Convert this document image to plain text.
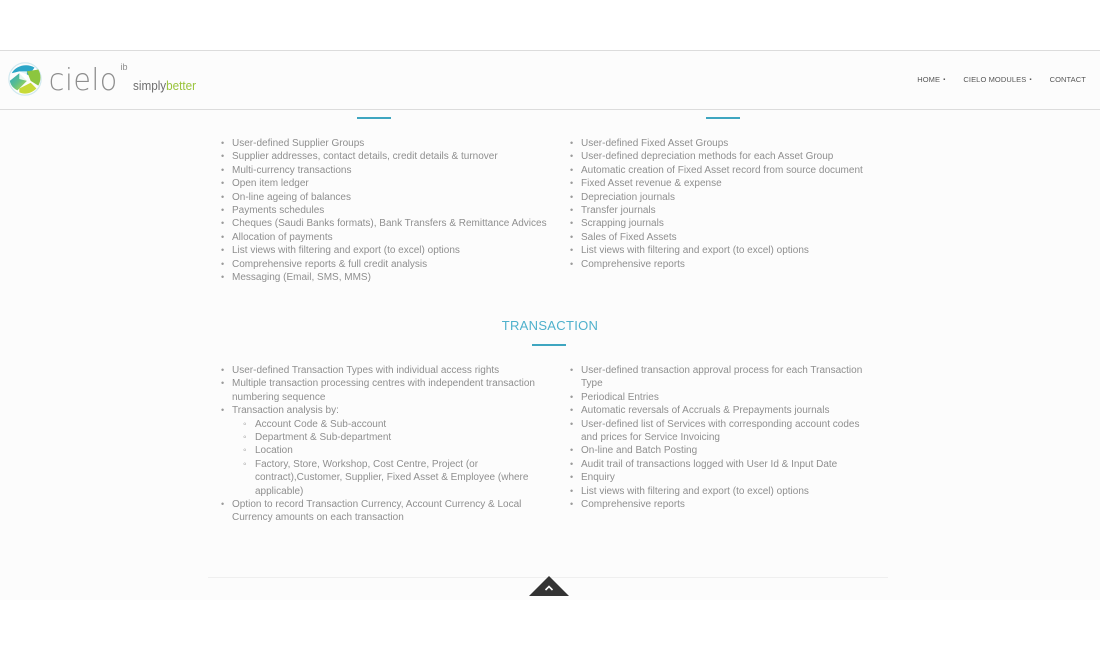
cielo ib
simplybetter	HOME ▪ CIELO MODULES ▪ CONTACT
• User-defined Supplier Groups
• Supplier addresses, contact details, credit details & turnover
• Multi-currency transactions
• Open item ledger
• On-line ageing of balances
• Payments schedules
• Cheques (Saudi Banks formats), Bank Transfers & Remittance Advices
• Allocation of payments
• List views with filtering and export (to excel) options
• Comprehensive reports & full credit analysis
• Messaging (Email, SMS, MMS)
• User-defined Fixed Asset Groups
• User-defined depreciation methods for each Asset Group
• Automatic creation of Fixed Asset record from source document
• Fixed Asset revenue & expense
• Depreciation journals
• Transfer journals
• Scrapping journals
• Sales of Fixed Assets
• List views with filtering and export (to excel) options
• Comprehensive reports
TRANSACTION
• User-defined Transaction Types with individual access rights
• Multiple transaction processing centres with independent transaction numbering sequence
• Transaction analysis by:
◦ Account Code & Sub-account
◦ Department & Sub-department
◦ Location
◦ Factory, Store, Workshop, Cost Centre, Project (or contract),Customer, Supplier, Fixed Asset & Employee (where applicable)
• Option to record Transaction Currency, Account Currency & Local Currency amounts on each transaction
• User-defined transaction approval process for each Transaction Type
• Periodical Entries
• Automatic reversals of Accruals & Prepayments journals
• User-defined list of Services with corresponding account codes and prices for Service Invoicing
• On-line and Batch Posting
• Audit trail of transactions logged with User Id & Input Date
• Enquiry
• List views with filtering and export (to excel) options
• Comprehensive reports
